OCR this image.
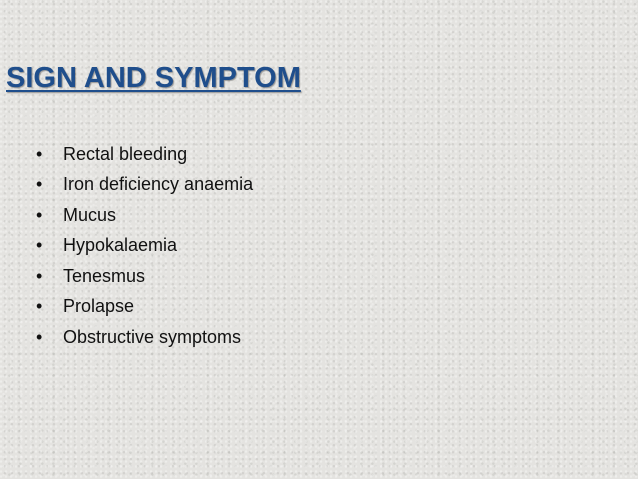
SIGN AND SYMPTOM
•	Rectal bleeding
•	Iron deficiency anaemia
•	Mucus
•	Hypokalaemia
•	Tenesmus
•	Prolapse
•	Obstructive symptoms
